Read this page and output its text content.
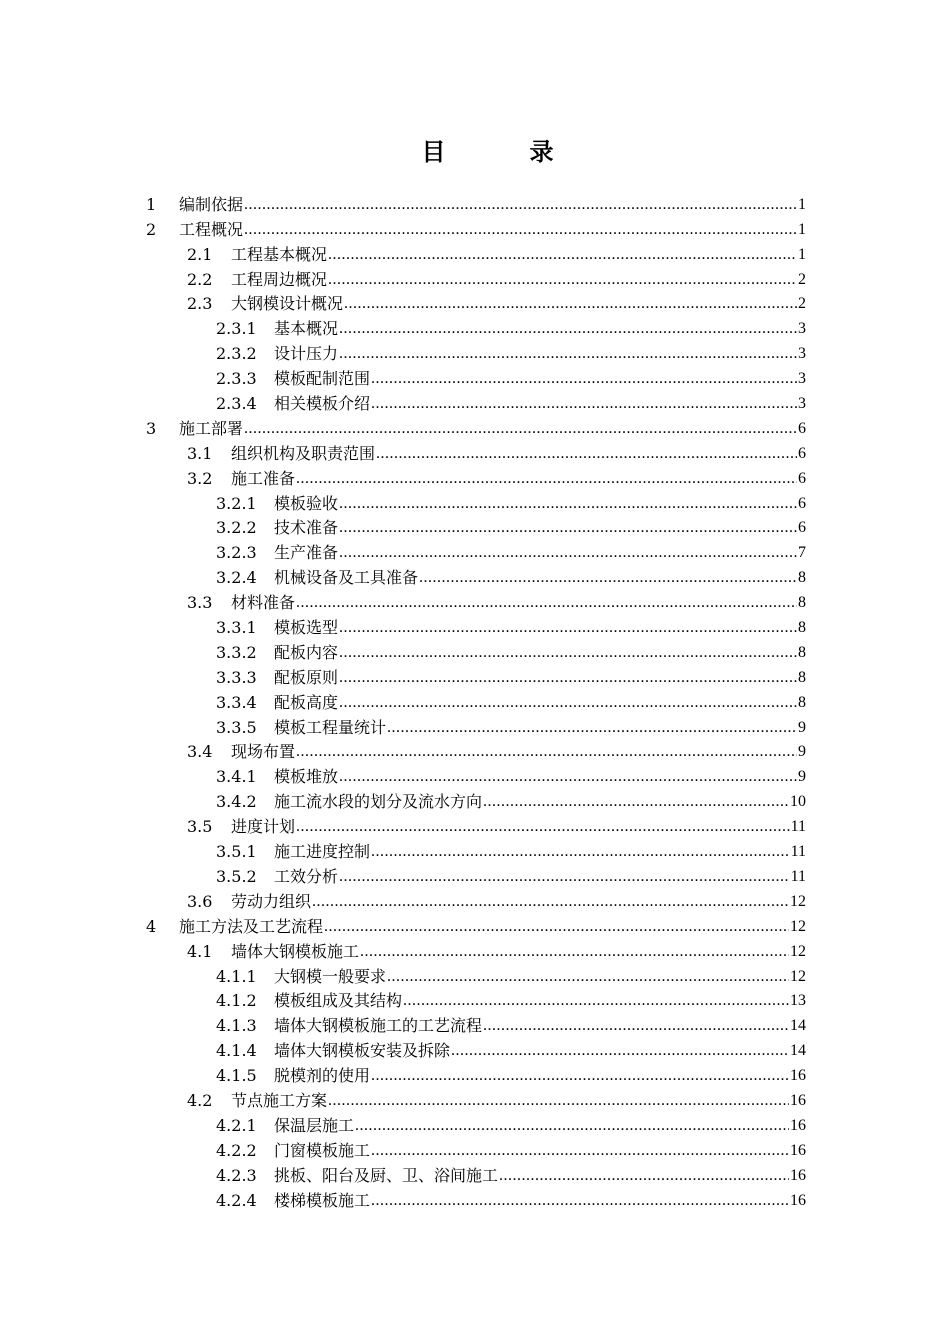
目　录
1	编制依据 .....	1
2	工程概况 .....	1
2.1	工程基本概况 .....	1
2.2	工程周边概况 .....	2
2.3	大钢模设计概况 .....	2
2.3.1	基本概况 .....	3
2.3.2	设计压力 .....	3
2.3.3	模板配制范围 .....	3
2.3.4	相关模板介绍 .....	3
3	施工部署 .....	6
3.1	组织机构及职责范围 .....	6
3.2	施工准备 .....	6
3.2.1	模板验收 .....	6
3.2.2	技术准备 .....	6
3.2.3	生产准备 .....	7
3.2.4	机械设备及工具准备 .....	8
3.3	材料准备 .....	8
3.3.1	模板选型 .....	8
3.3.2	配板内容 .....	8
3.3.3	配板原则 .....	8
3.3.4	配板高度 .....	8
3.3.5	模板工程量统计 .....	9
3.4	现场布置 .....	9
3.4.1	模板堆放 .....	9
3.4.2	施工流水段的划分及流水方向 .....	10
3.5	进度计划 .....	11
3.5.1	施工进度控制 .....	11
3.5.2	工效分析 .....	11
3.6	劳动力组织 .....	12
4	施工方法及工艺流程 .....	12
4.1	墙体大钢模板施工 .....	12
4.1.1	大钢模一般要求 .....	12
4.1.2	模板组成及其结构 .....	13
4.1.3	墙体大钢模板施工的工艺流程 .....	14
4.1.4	墙体大钢模板安装及拆除 .....	14
4.1.5	脱模剂的使用 .....	16
4.2	节点施工方案 .....	16
4.2.1	保温层施工 .....	16
4.2.2	门窗模板施工 .....	16
4.2.3	挑板、阳台及厨、卫、浴间施工 .....	16
4.2.4	楼梯模板施工 .....	16
